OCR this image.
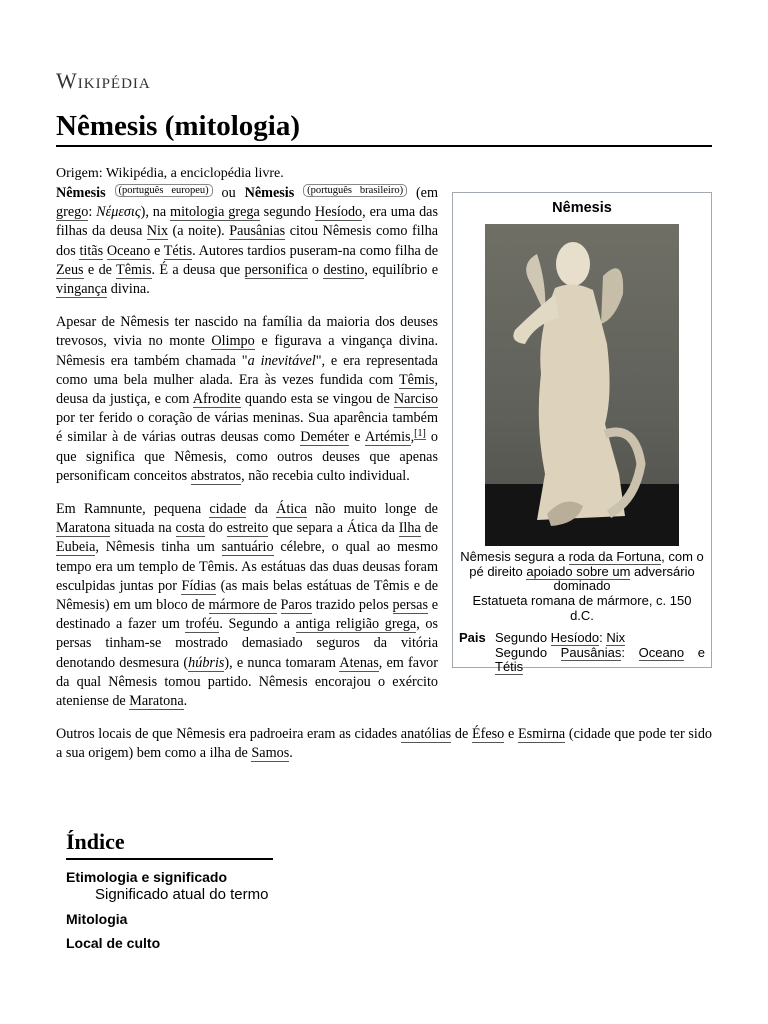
Wikipédia
Nêmesis (mitologia)
Origem: Wikipédia, a enciclopédia livre.
Nêmesis
Nêmesis segura a roda da Fortuna, com o pé direito apoiado sobre um adversário dominado
Estatueta romana de mármore, c. 150 d.C.
Pais Segundo Hesíodo: Nix
Segundo Pausânias: Oceano e Tétis

Nêmesis $^{(português europeu)}$ ou Nêmesis $^{(português brasileiro)}$ (em grego: Νέμεσις), na mitologia grega segundo Hesíodo, era uma das filhas da deusa Nix (a noite). Pausânias citou Nêmesis como filha dos titãs Oceano e Tétis. Autores tardios puseram-na como filha de Zeus e de Têmis. É a deusa que personifica o destino, equilíbrio e vingança divina.

Apesar de Nêmesis ter nascido na família da maioria dos deuses trevosos, vivia no monte Olimpo e figurava a vingança divina. Nêmesis era também chamada "a inevitável", e era representada como uma bela mulher alada. Era às vezes fundida com Têmis, deusa da justiça, e com Afrodite quando esta se vingou de Narciso por ter ferido o coração de várias meninas. Sua aparência também é similar à de várias outras deusas como Deméter e Artémis,[1] o que significa que Nêmesis, como outros deuses que apenas personificam conceitos abstratos, não recebia culto individual.

Em Ramnunte, pequena cidade da Ática não muito longe de Maratona situada na costa do estreito que separa a Ática da Ilha de Eubeia, Nêmesis tinha um santuário célebre, o qual ao mesmo tempo era um templo de Têmis. As estátuas das duas deusas foram esculpidas juntas por Fídias (as mais belas estátuas de Têmis e de Nêmesis) em um bloco de mármore de Paros trazido pelos persas e destinado a fazer um troféu. Segundo a antiga religião grega, os persas tinham-se mostrado demasiado seguros da vitória denotando desmesura (húbris), e nunca tomaram Atenas, em favor da qual Nêmesis tomou partido. Nêmesis encorajou o exército ateniense de Maratona.

Outros locais de que Nêmesis era padroeira eram as cidades anatólias de Éfeso e Esmirna (cidade que pode ter sido a sua origem) bem como a ilha de Samos.

Índice
Etimologia e significado
Significado atual do termo
Mitologia
Local de culto
